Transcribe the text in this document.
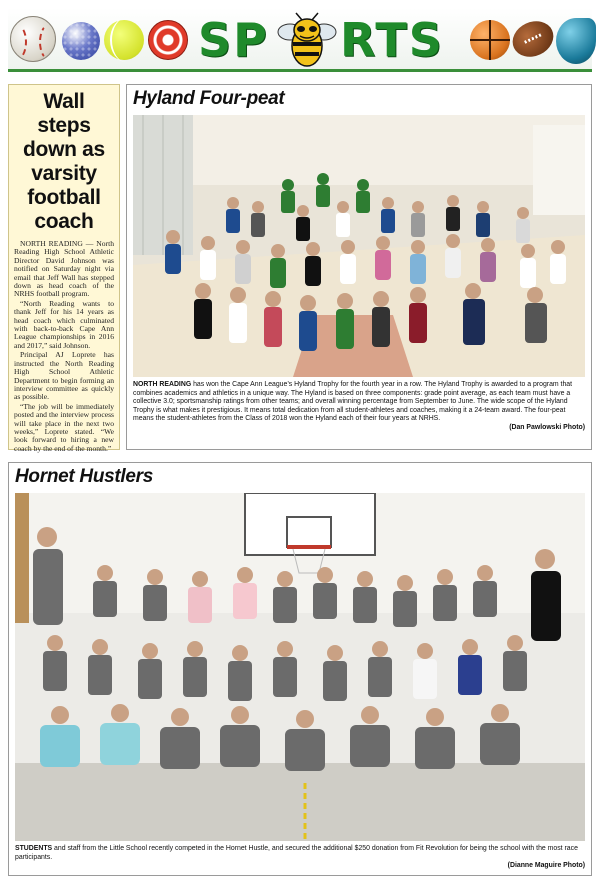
SP RTS
Wall steps down as varsity football coach

NORTH READING — North Reading High School Athletic Director David Johnson was notified on Saturday night via email that Jeff Wall has stepped down as head coach of the NRHS football program.

“North Reading wants to thank Jeff for his 14 years as head coach which culminated with back-to-back Cape Ann League championships in 2016 and 2017,” said Johnson.

Principal AJ Loprete has instructed the North Reading High School Athletic Department to begin forming an interview committee as quickly as possible.

“The job will be immediately posted and the interview process will take place in the next two weeks,” Loprete stated. “We look forward to hiring a new coach by the end of the month.”

Hyland Four-peat
NORTH READING has won the Cape Ann League’s Hyland Trophy for the fourth year in a row. The Hyland Trophy is awarded to a program that combines academics and athletics in a unique way. The Hyland is based on three components: grade point average, as each team must have a collective 3.0; sportsmanship ratings from other teams; and overall winning percentage from September to June. The wide scope of the Hyland Trophy is what makes it prestigious. It means total dedication from all student-athletes and coaches, making it a 24-team award. The four-peat means the student-athletes from the Class of 2018 won the Hyland each of their four years at NRHS.
(Dan Pawlowski Photo)
Hornet Hustlers
STUDENTS and staff from the Little School recently competed in the Hornet Hustle, and secured the additional $250 donation from Fit Revolution for being the school with the most race participants.
(Dianne Maguire Photo)
